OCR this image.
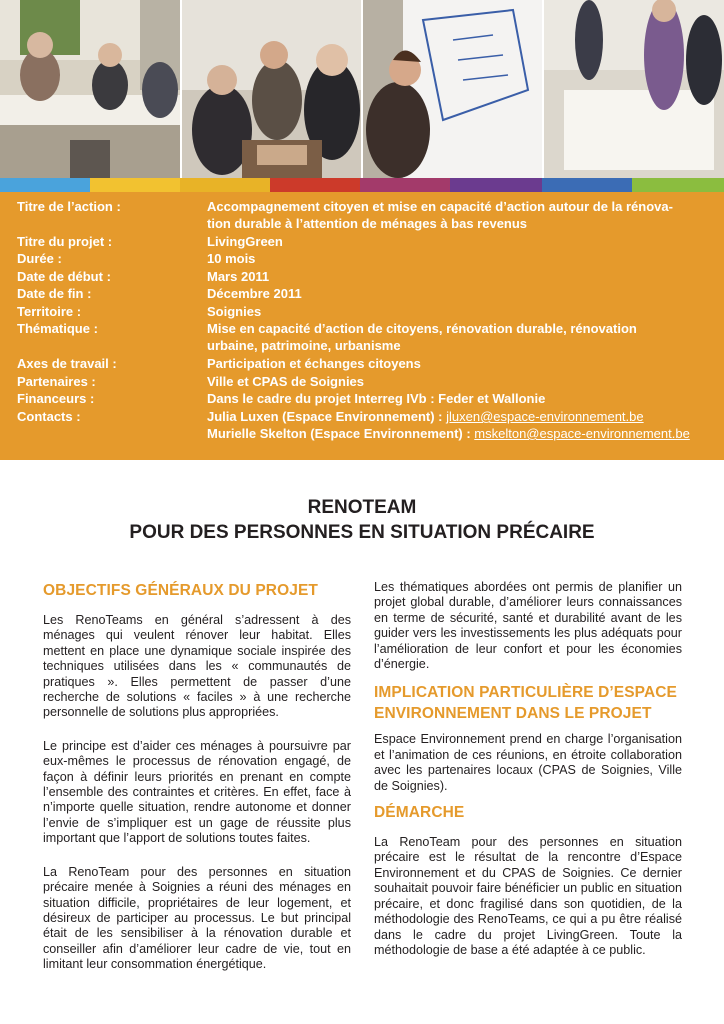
Titre de l’action :	Accompagnement citoyen et mise en capacité d’action autour de la rénova-
tion durable à l’attention de ménages à bas revenus
Titre du projet :	LivingGreen
Durée :	10 mois
Date de début :	Mars 2011
Date de fin :	Décembre 2011
Territoire :	Soignies
Thématique :	Mise en capacité d’action de citoyens, rénovation durable, rénovation
urbaine, patrimoine, urbanisme
Axes de travail :	Participation et échanges citoyens
Partenaires :	Ville et CPAS de Soignies
Financeurs :	Dans le cadre du projet Interreg IVb : Feder et Wallonie
Contacts :	Julia Luxen (Espace Environnement) : jluxen@espace-environnement.be
Murielle Skelton (Espace Environnement) : mskelton@espace-environnement.be
RENOTEAM
POUR DES PERSONNES EN SITUATION PRÉCAIRE
OBJECTIFS GÉNÉRAUX DU PROJET

Les RenoTeams en général s’adressent à des ménages qui veulent rénover leur habitat. Elles mettent en place une dynamique sociale inspirée des techniques utilisées dans les « communautés de pratiques ». Elles permettent de passer d’une recherche de solutions « faciles » à une recherche personnelle de solutions plus appropriées.

Le principe est d’aider ces ménages à poursuivre par eux-mêmes le processus de rénovation engagé, de façon à définir leurs priorités en prenant en compte l’ensemble des contraintes et critères. En effet, face à n’importe quelle situation, rendre autonome et donner l’envie de s’impliquer est un gage de réussite plus important que l’apport de solutions toutes faites.

La RenoTeam pour des personnes en situation précaire menée à Soignies a réuni des ménages en situation difficile, propriétaires de leur logement, et désireux de participer au processus. Le but principal était de les sensibiliser à la rénovation durable et conseiller afin d’améliorer leur cadre de vie, tout en limitant leur consommation énergétique.

Les thématiques abordées ont permis de planifier un projet global durable, d’améliorer leurs connaissances en terme de sécurité, santé et durabilité avant de les guider vers les investissements les plus adéquats pour l’amélioration de leur confort et pour les économies d’énergie.

IMPLICATION PARTICULIÈRE D’ESPACE ENVIRONNEMENT DANS LE PROJET

Espace Environnement prend en charge l’organisation et l’animation de ces réunions, en étroite collaboration avec les partenaires locaux (CPAS de Soignies, Ville de Soignies).

DÉMARCHE

La RenoTeam pour des personnes en situation précaire est le résultat de la rencontre d’Espace Environnement et du CPAS de Soignies. Ce dernier souhaitait pouvoir faire bénéficier un public en situation précaire, et donc fragilisé dans son quotidien, de la méthodologie des RenoTeams, ce qui a pu être réalisé dans le cadre du projet LivingGreen. Toute la méthodologie de base a été adaptée à ce public.
